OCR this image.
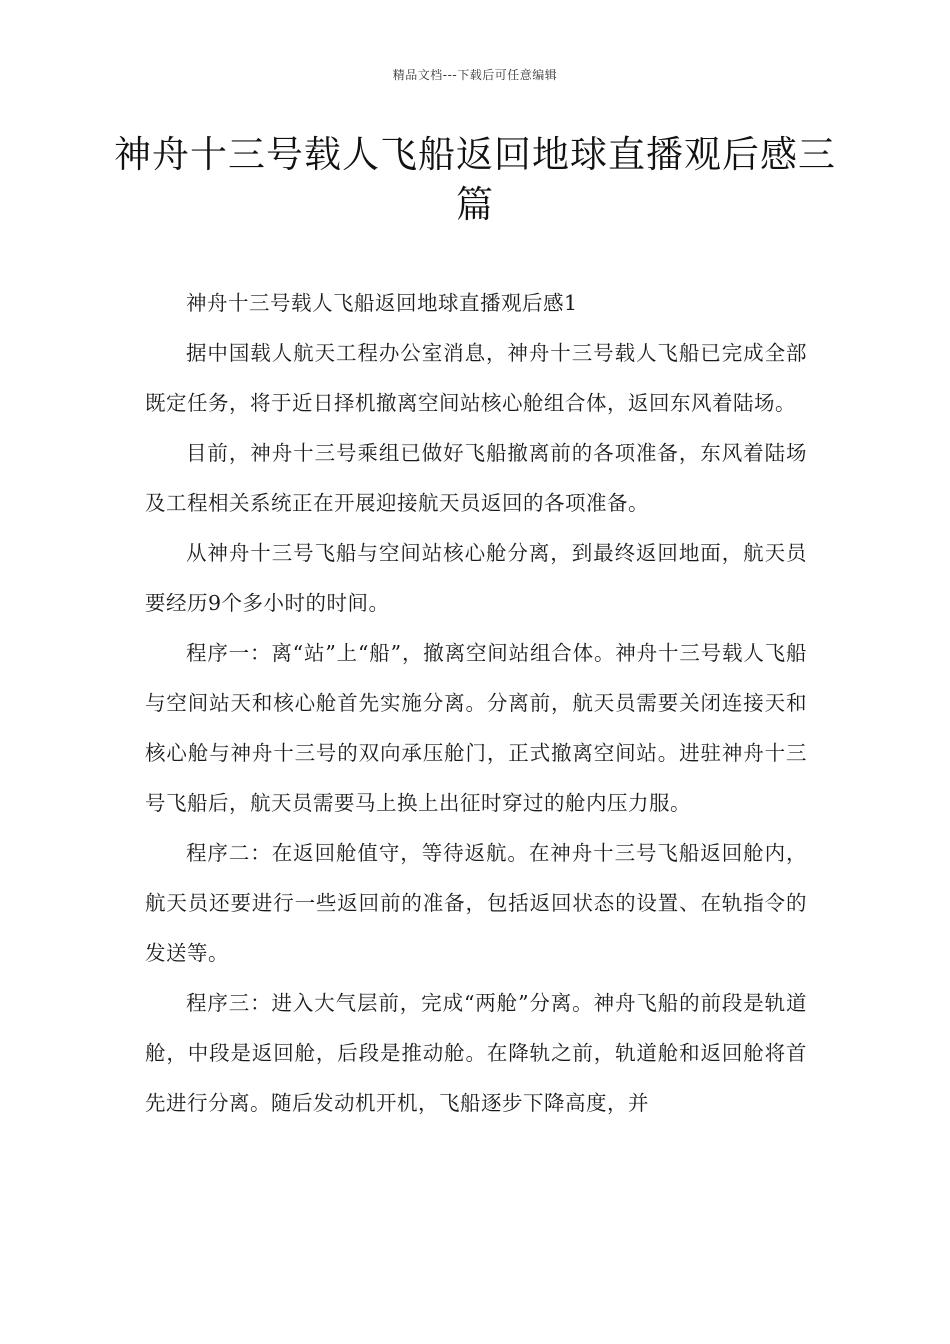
精品文档---下载后可任意编辑
神舟十三号载人飞船返回地球直播观后感三篇

神舟十三号载人飞船返回地球直播观后感1

据中国载人航天工程办公室消息，神舟十三号载人飞船已完成全部既定任务，将于近日择机撤离空间站核心舱组合体，返回东风着陆场。

目前，神舟十三号乘组已做好飞船撤离前的各项准备，东风着陆场及工程相关系统正在开展迎接航天员返回的各项准备。

从神舟十三号飞船与空间站核心舱分离，到最终返回地面，航天员要经历9个多小时的时间。

程序一：离“站”上“船”，撤离空间站组合体。神舟十三号载人飞船与空间站天和核心舱首先实施分离。分离前，航天员需要关闭连接天和核心舱与神舟十三号的双向承压舱门，正式撤离空间站。进驻神舟十三号飞船后，航天员需要马上换上出征时穿过的舱内压力服。

程序二：在返回舱值守，等待返航。在神舟十三号飞船返回舱内，航天员还要进行一些返回前的准备，包括返回状态的设置、在轨指令的发送等。

程序三：进入大气层前，完成“两舱”分离。神舟飞船的前段是轨道舱，中段是返回舱，后段是推动舱。在降轨之前，轨道舱和返回舱将首先进行分离。随后发动机开机，飞船逐步下降高度，并
